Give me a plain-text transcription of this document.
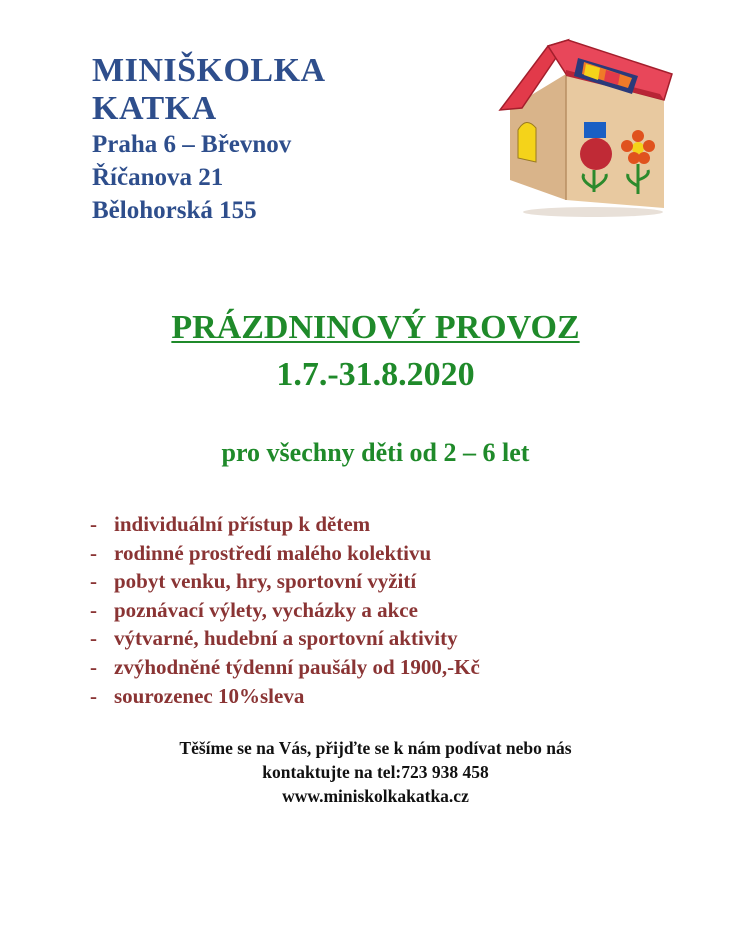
MINIŠKOLKA
KATKA
Praha 6 – Břevnov
Říčanova 21
Bělohorská 155
PRÁZDNINOVÝ PROVOZ
1.7.-31.8.2020
pro všechny děti od 2 – 6 let
- individuální přístup k dětem
- rodinné prostředí malého kolektivu
- pobyt venku, hry, sportovní vyžití
- poznávací výlety, vycházky a akce
- výtvarné, hudební a sportovní aktivity
- zvýhodněné týdenní paušály od 1900,-Kč
- sourozenec 10%sleva
Těšíme se na Vás, přijďte se k nám podívat nebo nás
kontaktujte na tel:723 938 458
www.miniskolkakatka.cz
